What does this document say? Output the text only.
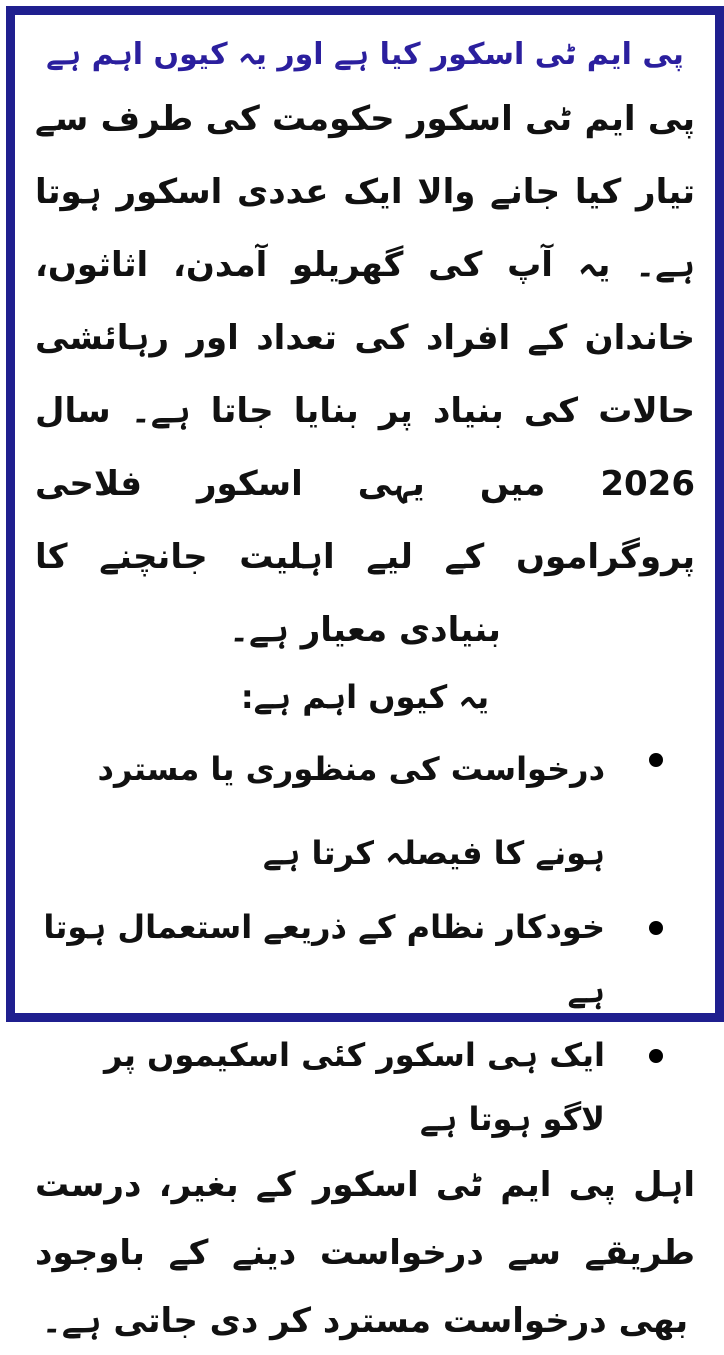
پی ایم ٹی اسکور کیا ہے اور یہ کیوں اہم ہے

پی ایم ٹی اسکور حکومت کی طرف سے تیار کیا جانے والا ایک عددی اسکور ہوتا ہے۔ یہ آپ کی گھریلو آمدن، اثاثوں، خاندان کے افراد کی تعداد اور رہائشی حالات کی بنیاد پر بنایا جاتا ہے۔ سال 2026 میں یہی اسکور فلاحی پروگراموں کے لیے اہلیت جانچنے کا بنیادی معیار ہے۔

یہ کیوں اہم ہے:

درخواست کی منظوری یا مسترد ہونے کا فیصلہ کرتا ہے
خودکار نظام کے ذریعے استعمال ہوتا ہے
ایک ہی اسکور کئی اسکیموں پر لاگو ہوتا ہے

اہل پی ایم ٹی اسکور کے بغیر، درست طریقے سے درخواست دینے کے باوجود بھی درخواست مسترد کر دی جاتی ہے۔
